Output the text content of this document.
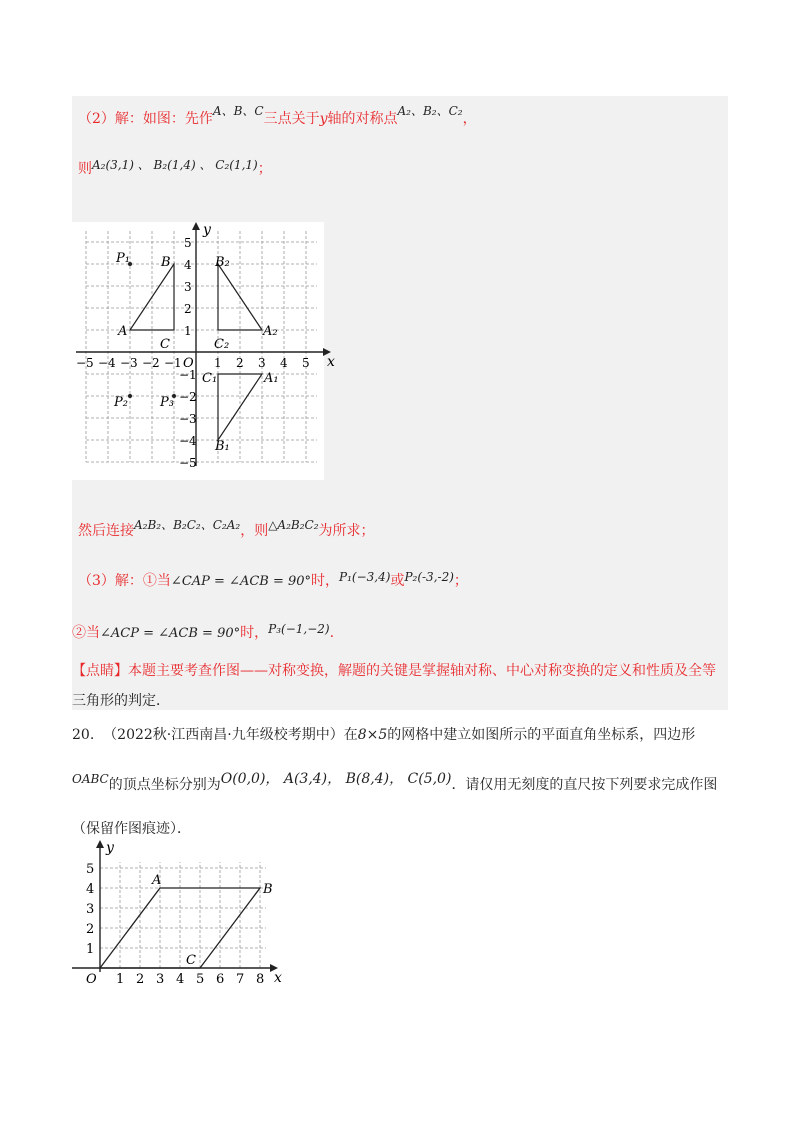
（2）解：如图：先作A、B、C三点关于y轴的对称点A₂、B₂、C₂，
则A₂(3,1) 、 B₂(1,4) 、 C₂(1,1)；
x
y
O
−5 −4 −3 −2 −1	1 2 3 4 5
5
4
3
2
1
−1
−2
−3
−4
−5
P₁ B
A
C
B₂
A₂
C₂
C₁	A₁
B₁
P₂ P₃
然后连接A₂B₂、B₂C₂、C₂A₂，则△A₂B₂C₂为所求；
（3）解：①当∠CAP = ∠ACB = 90°时，P₁(−3,4)或P₂(-3,-2)；
②当∠ACP = ∠ACB = 90°时，P₃(−1,−2).
【点睛】本题主要考查作图——对称变换，解题的关键是掌握轴对称、中心对称变换的定义和性质及全等
三角形的判定．
20. （2022秋·江西南昌·九年级校考期中）在8×5的网格中建立如图所示的平面直角坐标系，四边形
OABC的顶点坐标分别为O(0,0)， A(3,4)， B(8,4)， C(5,0)．请仅用无刻度的直尺按下列要求完成作图
（保留作图痕迹）．
x
y
O 1 2 3 4 5 6 7 8
1
2
3
4
5
A
B
C
